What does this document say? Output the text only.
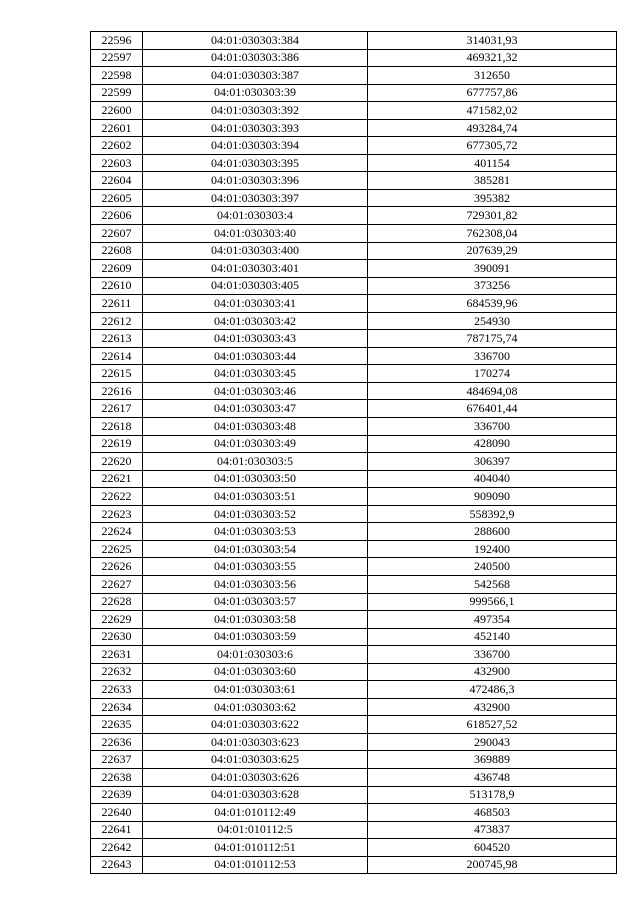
22596	04:01:030303:384	314031,93
22597	04:01:030303:386	469321,32
22598	04:01:030303:387	312650
22599	04:01:030303:39	677757,86
22600	04:01:030303:392	471582,02
22601	04:01:030303:393	493284,74
22602	04:01:030303:394	677305,72
22603	04:01:030303:395	401154
22604	04:01:030303:396	385281
22605	04:01:030303:397	395382
22606	04:01:030303:4	729301,82
22607	04:01:030303:40	762308,04
22608	04:01:030303:400	207639,29
22609	04:01:030303:401	390091
22610	04:01:030303:405	373256
22611	04:01:030303:41	684539,96
22612	04:01:030303:42	254930
22613	04:01:030303:43	787175,74
22614	04:01:030303:44	336700
22615	04:01:030303:45	170274
22616	04:01:030303:46	484694,08
22617	04:01:030303:47	676401,44
22618	04:01:030303:48	336700
22619	04:01:030303:49	428090
22620	04:01:030303:5	306397
22621	04:01:030303:50	404040
22622	04:01:030303:51	909090
22623	04:01:030303:52	558392,9
22624	04:01:030303:53	288600
22625	04:01:030303:54	192400
22626	04:01:030303:55	240500
22627	04:01:030303:56	542568
22628	04:01:030303:57	999566,1
22629	04:01:030303:58	497354
22630	04:01:030303:59	452140
22631	04:01:030303:6	336700
22632	04:01:030303:60	432900
22633	04:01:030303:61	472486,3
22634	04:01:030303:62	432900
22635	04:01:030303:622	618527,52
22636	04:01:030303:623	290043
22637	04:01:030303:625	369889
22638	04:01:030303:626	436748
22639	04:01:030303:628	513178,9
22640	04:01:010112:49	468503
22641	04:01:010112:5	473837
22642	04:01:010112:51	604520
22643	04:01:010112:53	200745,98
